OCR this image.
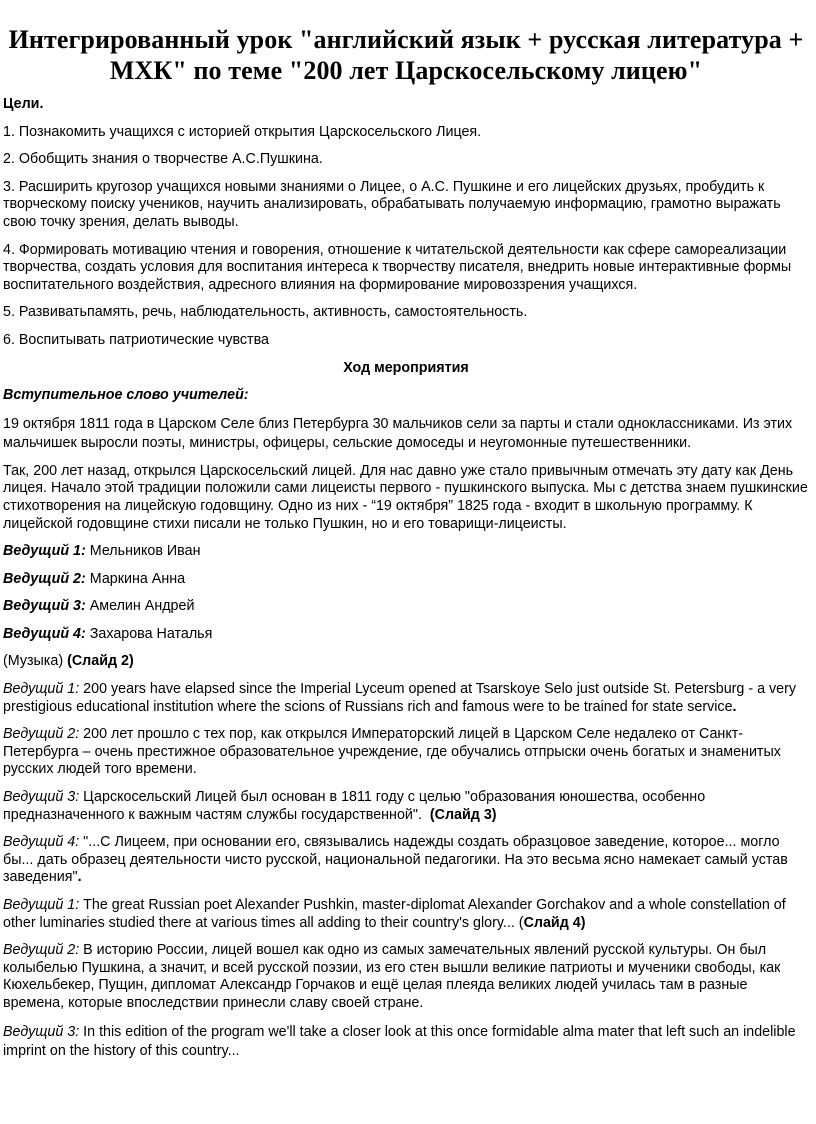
Интегрированный урок "английский язык + русская литература + МХК" по теме "200 лет Царскосельскому лицею"

Цели.

1. Познакомить учащихся с историей открытия Царскосельского Лицея.

2. Обобщить знания о творчестве А.С.Пушкина.

3. Расширить кругозор учащихся новыми знаниями о Лицее, о А.С. Пушкине и его лицейских друзьях, пробудить к творческому поиску учеников, научить анализировать, обрабатывать получаемую информацию, грамотно выражать свою точку зрения, делать выводы.

4. Формировать мотивацию чтения и говорения, отношение к читательской деятельности как сфере самореализации творчества, создать условия для воспитания интереса к творчеству писателя, внедрить новые интерактивные формы воспитательного воздействия, адресного влияния на формирование мировоззрения учащихся.

5. Развиватьпамять, речь, наблюдательность, активность, самостоятельность.

6. Воспитывать патриотические чувства

Ход мероприятия

Вступительное слово учителей:

19 октября 1811 года в Царском Селе близ Петербурга 30 мальчиков сели за парты и стали одноклассниками. Из этих мальчишек выросли поэты, министры, офицеры, сельские домоседы и неугомонные путешественники.

Так, 200 лет назад, открылся Царскосельский лицей. Для нас давно уже стало привычным отмечать эту дату как День лицея. Начало этой традиции положили сами лицеисты первого - пушкинского выпуска. Мы с детства знаем пушкинские стихотворения на лицейскую годовщину. Одно из них - “19 октября” 1825 года - входит в школьную программу. К лицейской годовщине стихи писали не только Пушкин, но и его товарищи-лицеисты.

Ведущий 1: Мельников Иван

Ведущий 2: Маркина Анна

Ведущий 3: Амелин Андрей

Ведущий 4: Захарова Наталья

(Музыка) (Слайд 2)

Ведущий 1: 200 years have elapsed since the Imperial Lyceum opened at Tsarskoye Selo just outside St. Petersburg - a very prestigious educational institution where the scions of Russians rich and famous were to be trained for state service.

Ведущий 2: 200 лет прошло с тех пор, как открылся Императорский лицей в Царском Селе недалеко от Санкт-Петербурга – очень престижное образовательное учреждение, где обучались отпрыски очень богатых и знаменитых русских людей того времени.

Ведущий 3: Царскосельский Лицей был основан в 1811 году с целью "образования юношества, особенно предназначенного к важным частям службы государственной". (Слайд 3)

Ведущий 4: "...С Лицеем, при основании его, связывались надежды создать образцовое заведение, которое... могло бы... дать образец деятельности чисто русской, национальной педагогики. На это весьма ясно намекает самый устав заведения".

Ведущий 1: The great Russian poet Alexander Pushkin, master-diplomat Alexander Gorchakov and a whole constellation of other luminaries studied there at various times all adding to their country's glory... (Слайд 4)

Ведущий 2: В историю России, лицей вошел как одно из самых замечательных явлений русской культуры. Он был колыбелью Пушкина, а значит, и всей русской поэзии, из его стен вышли великие патриоты и мученики свободы, как Кюхельбекер, Пущин, дипломат Александр Горчаков и ещё целая плеяда великих людей училась там в разные времена, которые впоследствии принесли славу своей стране.

Ведущий 3: In this edition of the program we'll take a closer look at this once formidable alma mater that left such an indelible imprint on the history of this country...
